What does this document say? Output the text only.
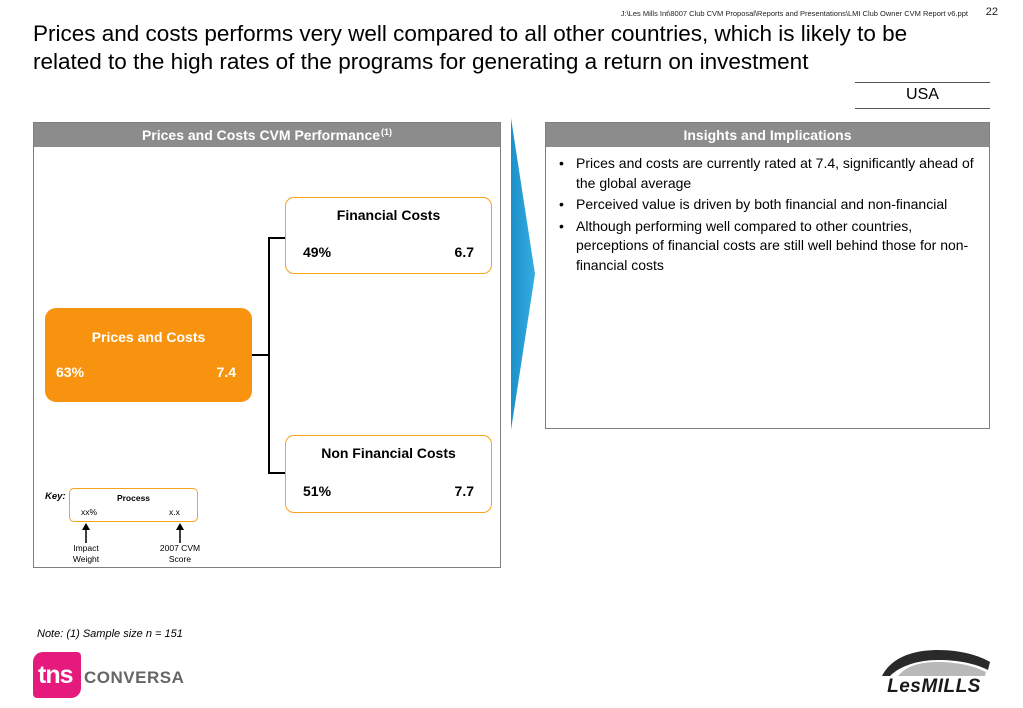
J:\Les Mills Int\8007 Club CVM Proposal\Reports and Presentations\LMI Club Owner CVM Report v6.ppt 22
Prices and costs performs very well compared to all other countries, which is likely to be related to the high rates of the programs for generating a return on investment
USA
Prices and Costs CVM Performance$^{(1)}$
Prices and Costs
63%	7.4
Financial Costs
49%	6.7
Non Financial Costs
51%	7.7
Key:	Process
xx%	x.x
Impact
Weight
2007 CVM
Score
Insights and Implications
• Prices and costs are currently rated at 7.4, significantly ahead of the global average
• Perceived value is driven by both financial and non-financial
• Although performing well compared to other countries, perceptions of financial costs are still well behind those for non-financial costs
Note: (1) Sample size n = 151
tns CONVERSA	LesMILLS
